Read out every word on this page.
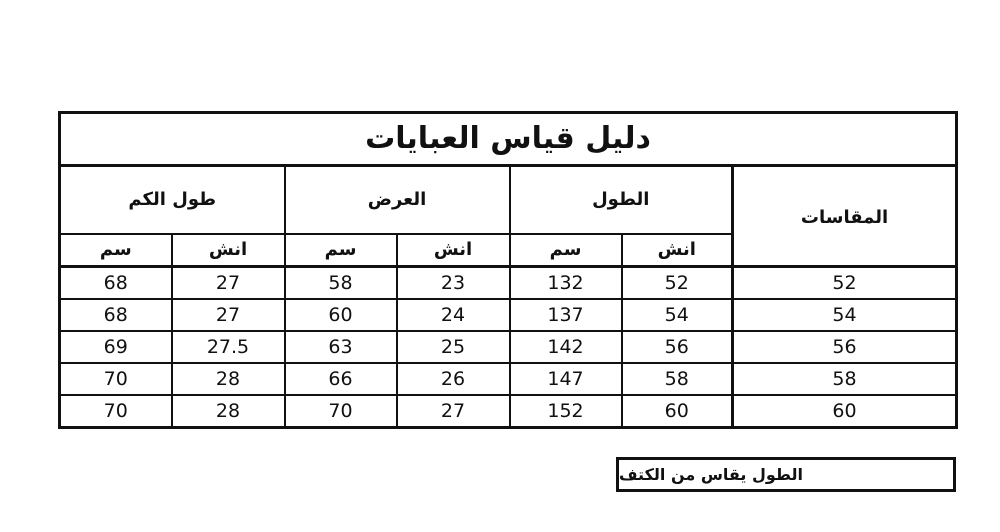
دليل قياس العبايات						
طول الكم		العرض		الطول		المقاسات
سم	انش	سم	انش	سم	انش	
68	27	58	23	132	52	52
68	27	60	24	137	54	54
69	27.5	63	25	142	56	56
70	28	66	26	147	58	58
70	28	70	27	152	60	60
الطول يقاس من الكتف
